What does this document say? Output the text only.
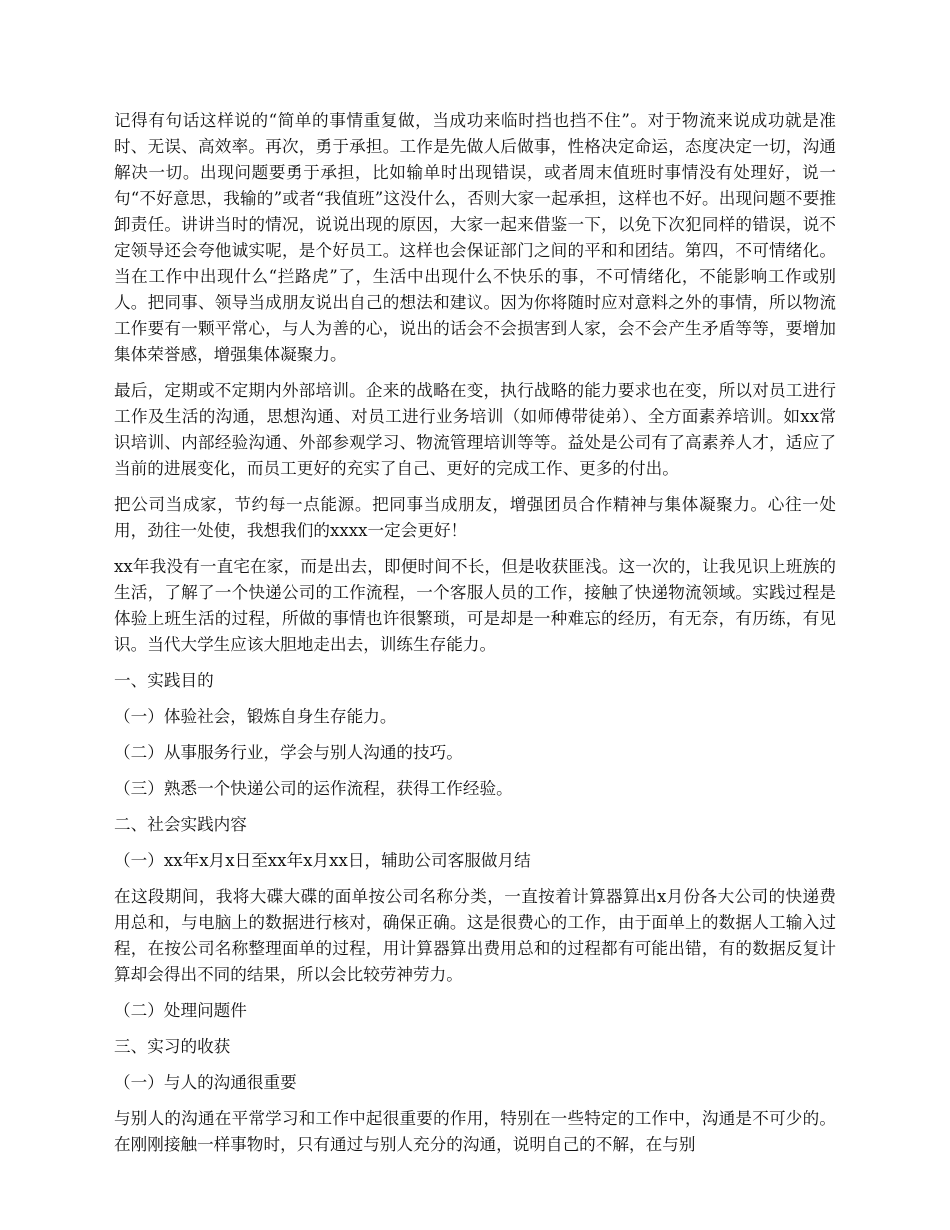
记得有句话这样说的“简单的事情重复做，当成功来临时挡也挡不住”。对于物流来说成功就是准时、无误、高效率。再次，勇于承担。工作是先做人后做事，性格决定命运，态度决定一切，沟通解决一切。出现问题要勇于承担，比如输单时出现错误，或者周末值班时事情没有处理好，说一句“不好意思，我输的”或者“我值班”这没什么，否则大家一起承担，这样也不好。出现问题不要推卸责任。讲讲当时的情况，说说出现的原因，大家一起来借鉴一下，以免下次犯同样的错误，说不定领导还会夸他诚实呢，是个好员工。这样也会保证部门之间的平和和团结。第四，不可情绪化。当在工作中出现什么“拦路虎”了，生活中出现什么不快乐的事，不可情绪化，不能影响工作或别人。把同事、领导当成朋友说出自己的想法和建议。因为你将随时应对意料之外的事情，所以物流工作要有一颗平常心，与人为善的心，说出的话会不会损害到人家，会不会产生矛盾等等，要增加集体荣誉感，增强集体凝聚力。

最后，定期或不定期内外部培训。企来的战略在变，执行战略的能力要求也在变，所以对员工进行工作及生活的沟通，思想沟通、对员工进行业务培训（如师傅带徒弟）、全方面素养培训。如xx常识培训、内部经验沟通、外部参观学习、物流管理培训等等。益处是公司有了高素养人才，适应了当前的进展变化，而员工更好的充实了自己、更好的完成工作、更多的付出。

把公司当成家，节约每一点能源。把同事当成朋友，增强团员合作精神与集体凝聚力。心往一处用，劲往一处使，我想我们的xxxx一定会更好！

xx年我没有一直宅在家，而是出去，即便时间不长，但是收获匪浅。这一次的，让我见识上班族的生活，了解了一个快递公司的工作流程，一个客服人员的工作，接触了快递物流领域。实践过程是体验上班生活的过程，所做的事情也许很繁琐，可是却是一种难忘的经历，有无奈，有历练，有见识。当代大学生应该大胆地走出去，训练生存能力。

一、实践目的

（一）体验社会，锻炼自身生存能力。

（二）从事服务行业，学会与别人沟通的技巧。

（三）熟悉一个快递公司的运作流程，获得工作经验。

二、社会实践内容

（一）xx年x月x日至xx年x月xx日，辅助公司客服做月结

在这段期间，我将大碟大碟的面单按公司名称分类，一直按着计算器算出x月份各大公司的快递费用总和，与电脑上的数据进行核对，确保正确。这是很费心的工作，由于面单上的数据人工输入过程，在按公司名称整理面单的过程，用计算器算出费用总和的过程都有可能出错，有的数据反复计算却会得出不同的结果，所以会比较劳神劳力。

（二）处理问题件

三、实习的收获

（一）与人的沟通很重要

与别人的沟通在平常学习和工作中起很重要的作用，特别在一些特定的工作中，沟通是不可少的。在刚刚接触一样事物时，只有通过与别人充分的沟通，说明自己的不解，在与别
